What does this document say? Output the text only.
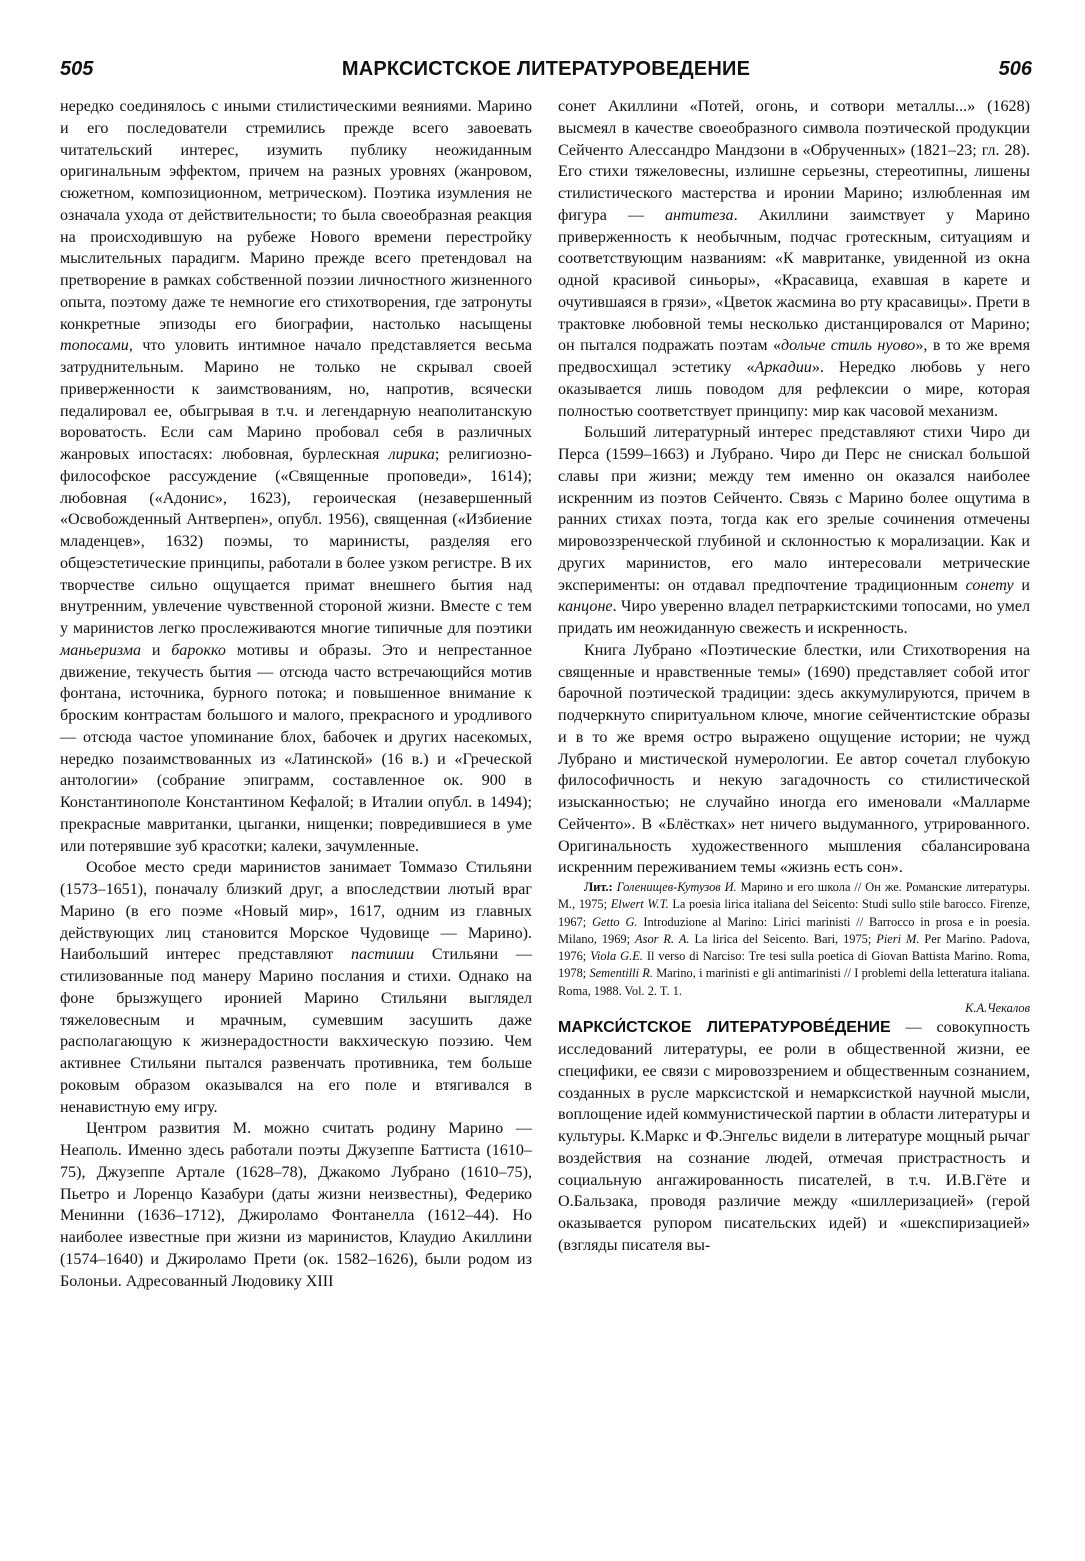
505	МАРКСИСТСКОЕ ЛИТЕРАТУРОВЕДЕНИЕ	506

нередко соединялось с иными стилистическими веяниями. Марино и его последователи стремились прежде всего завоевать читательский интерес, изумить публику неожиданным оригинальным эффектом, причем на разных уровнях (жанровом, сюжетном, композиционном, метрическом). Поэтика изумления не означала ухода от действительности; то была своеобразная реакция на происходившую на рубеже Нового времени перестройку мыслительных парадигм. Марино прежде всего претендовал на претворение в рамках собственной поэзии личностного жизненного опыта, поэтому даже те немногие его стихотворения, где затронуты конкретные эпизоды его биографии, настолько насыщены топосами, что уловить интимное начало представляется весьма затруднительным. Марино не только не скрывал своей приверженности к заимствованиям, но, напротив, всячески педалировал ее, обыгрывая в т.ч. и легендарную неаполитанскую вороватость. Если сам Марино пробовал себя в различных жанровых ипостасях: любовная, бурлескная лирика; религиозно-философское рассуждение («Священные проповеди», 1614); любовная («Адонис», 1623), героическая (незавершенный «Освобожденный Антверпен», опубл. 1956), священная («Избиение младенцев», 1632) поэмы, то маринисты, разделяя его общеэстетические принципы, работали в более узком регистре. В их творчестве сильно ощущается примат внешнего бытия над внутренним, увлечение чувственной стороной жизни. Вместе с тем у маринистов легко прослеживаются многие типичные для поэтики маньеризма и барокко мотивы и образы. Это и непрестанное движение, текучесть бытия — отсюда часто встречающийся мотив фонтана, источника, бурного потока; и повышенное внимание к броским контрастам большого и малого, прекрасного и уродливого — отсюда частое упоминание блох, бабочек и других насекомых, нередко позаимствованных из «Латинской» (16 в.) и «Греческой антологии» (собрание эпиграмм, составленное ок. 900 в Константинополе Константином Кефалой; в Италии опубл. в 1494); прекрасные мавританки, цыганки, нищенки; повредившиеся в уме или потерявшие зуб красотки; калеки, зачумленные.

Особое место среди маринистов занимает Томмазо Стильяни (1573–1651), поначалу близкий друг, а впоследствии лютый враг Марино (в его поэме «Новый мир», 1617, одним из главных действующих лиц становится Морское Чудовище — Марино). Наибольший интерес представляют пастиши Стильяни — стилизованные под манеру Марино послания и стихи. Однако на фоне брызжущего иронией Марино Стильяни выглядел тяжеловесным и мрачным, сумевшим засушить даже располагающую к жизнерадостности вакхическую поэзию. Чем активнее Стильяни пытался развенчать противника, тем больше роковым образом оказывался на его поле и втягивался в ненавистную ему игру.

Центром развития М. можно считать родину Марино — Неаполь. Именно здесь работали поэты Джузеппе Баттиста (1610–75), Джузеппе Артале (1628–78), Джакомо Лубрано (1610–75), Пьетро и Лоренцо Казабури (даты жизни неизвестны), Федерико Менинни (1636–1712), Джироламо Фонтанелла (1612–44). Но наиболее известные при жизни из маринистов, Клаудио Акиллини (1574–1640) и Джироламо Прети (ок. 1582–1626), были родом из Болоньи. Адресованный Людовику XIII

сонет Акиллини «Потей, огонь, и сотвори металлы...» (1628) высмеял в качестве своеобразного символа поэтической продукции Сейченто Алессандро Мандзони в «Обрученных» (1821–23; гл. 28). Его стихи тяжеловесны, излишне серьезны, стереотипны, лишены стилистического мастерства и иронии Марино; излюбленная им фигура — антитеза. Акиллини заимствует у Марино приверженность к необычным, подчас гротескным, ситуациям и соответствующим названиям: «К мавританке, увиденной из окна одной красивой синьоры», «Красавица, ехавшая в карете и очутившаяся в грязи», «Цветок жасмина во рту красавицы». Прети в трактовке любовной темы несколько дистанцировался от Марино; он пытался подражать поэтам «дольче стиль нуово», в то же время предвосхищал эстетику «Аркадии». Нередко любовь у него оказывается лишь поводом для рефлексии о мире, которая полностью соответствует принципу: мир как часовой механизм.

Больший литературный интерес представляют стихи Чиро ди Перса (1599–1663) и Лубрано. Чиро ди Перс не снискал большой славы при жизни; между тем именно он оказался наиболее искренним из поэтов Сейченто. Связь с Марино более ощутима в ранних стихах поэта, тогда как его зрелые сочинения отмечены мировоззренческой глубиной и склонностью к морализации. Как и других маринистов, его мало интересовали метрические эксперименты: он отдавал предпочтение традиционным сонету и канцоне. Чиро уверенно владел петраркистскими топосами, но умел придать им неожиданную свежесть и искренность.

Книга Лубрано «Поэтические блестки, или Стихотворения на священные и нравственные темы» (1690) представляет собой итог барочной поэтической традиции: здесь аккумулируются, причем в подчеркнуто спиритуальном ключе, многие сейчентистские образы и в то же время остро выражено ощущение истории; не чужд Лубрано и мистической нумерологии. Ее автор сочетал глубокую философичность и некую загадочность со стилистической изысканностью; не случайно иногда его именовали «Малларме Сейченто». В «Блёстках» нет ничего выдуманного, утрированного. Оригинальность художественного мышления сбалансирована искренним переживанием темы «жизнь есть сон».

Лит.: Голенищев-Кутузов И. Марино и его школа // Он же. Романские литературы. М., 1975; Elwert W.T. La poesia lirica italiana del Seicento: Studi sullo stile barocco. Firenze, 1967; Getto G. Introduzione al Marino: Lirici marinisti // Barrocco in prosa e in poesia. Milano, 1969; Asor R. A. La lirica del Seicento. Bari, 1975; Pieri M. Per Marino. Padova, 1976; Viola G.E. Il verso di Narciso: Tre tesi sulla poetica di Giovan Battista Marino. Roma, 1978; Sementilli R. Marino, i marinisti e gli antimarinisti // I problemi della letteratura italiana. Roma, 1988. Vol. 2. T. 1.
К.А.Чекалов

МАРКСИ́СТСКОЕ ЛИТЕРАТУРОВЕ́ДЕНИЕ — совокупность исследований литературы, ее роли в общественной жизни, ее специфики, ее связи с мировоззрением и общественным сознанием, созданных в русле марксистской и немарксисткой научной мысли, воплощение идей коммунистической партии в области литературы и культуры. К.Маркс и Ф.Энгельс видели в литературе мощный рычаг воздействия на сознание людей, отмечая пристрастность и социальную ангажированность писателей, в т.ч. И.В.Гёте и О.Бальзака, проводя различие между «шиллеризацией» (герой оказывается рупором писательских идей) и «шекспиризацией» (взгляды писателя вы-
